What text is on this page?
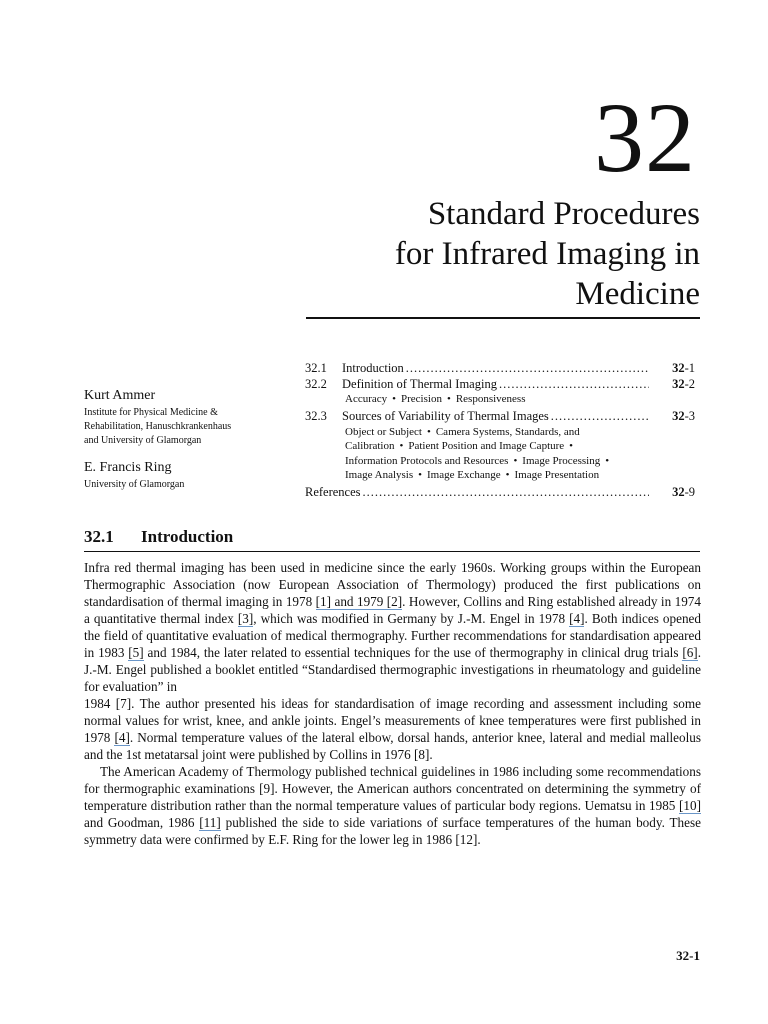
32
Standard Procedures
for Infrared Imaging in
Medicine
Kurt Ammer
Institute for Physical Medicine &
Rehabilitation, Hanuschkrankenhaus
and University of Glamorgan
E. Francis Ring
University of Glamorgan
32.1	Introduction .....	32-1
32.2	Definition of Thermal Imaging .....	32-2
Accuracy • Precision • Responsiveness
32.3	Sources of Variability of Thermal Images .....	32-3
Object or Subject • Camera Systems, Standards, and
Calibration • Patient Position and Image Capture •
Information Protocols and Resources • Image Processing •
Image Analysis • Image Exchange • Image Presentation
References .....	32-9
32.1 Introduction

Infra red thermal imaging has been used in medicine since the early 1960s. Working groups within the European Thermographic Association (now European Association of Thermology) produced the first publications on standardisation of thermal imaging in 1978 [1] and 1979 [2]. However, Collins and Ring established already in 1974 a quantitative thermal index [3], which was modified in Germany by J.-M. Engel in 1978 [4]. Both indices opened the field of quantitative evaluation of medical thermography. Further recommendations for standardisation appeared in 1983 [5] and 1984, the later related to essential techniques for the use of thermography in clinical drug trials [6]. J.-M. Engel published a booklet entitled “Standardised thermographic investigations in rheumatology and guideline for evaluation” in

1984 [7]. The author presented his ideas for standardisation of image recording and assessment including some normal values for wrist, knee, and ankle joints. Engel’s measurements of knee temperatures were first published in 1978 [4]. Normal temperature values of the lateral elbow, dorsal hands, anterior knee, lateral and medial malleolus and the 1st metatarsal joint were published by Collins in 1976 [8].

The American Academy of Thermology published technical guidelines in 1986 including some recommendations for thermographic examinations [9]. However, the American authors concentrated on determining the symmetry of temperature distribution rather than the normal temperature values of particular body regions. Uematsu in 1985 [10] and Goodman, 1986 [11] published the side to side variations of surface temperatures of the human body. These symmetry data were confirmed by E.F. Ring for the lower leg in 1986 [12].

32-1
